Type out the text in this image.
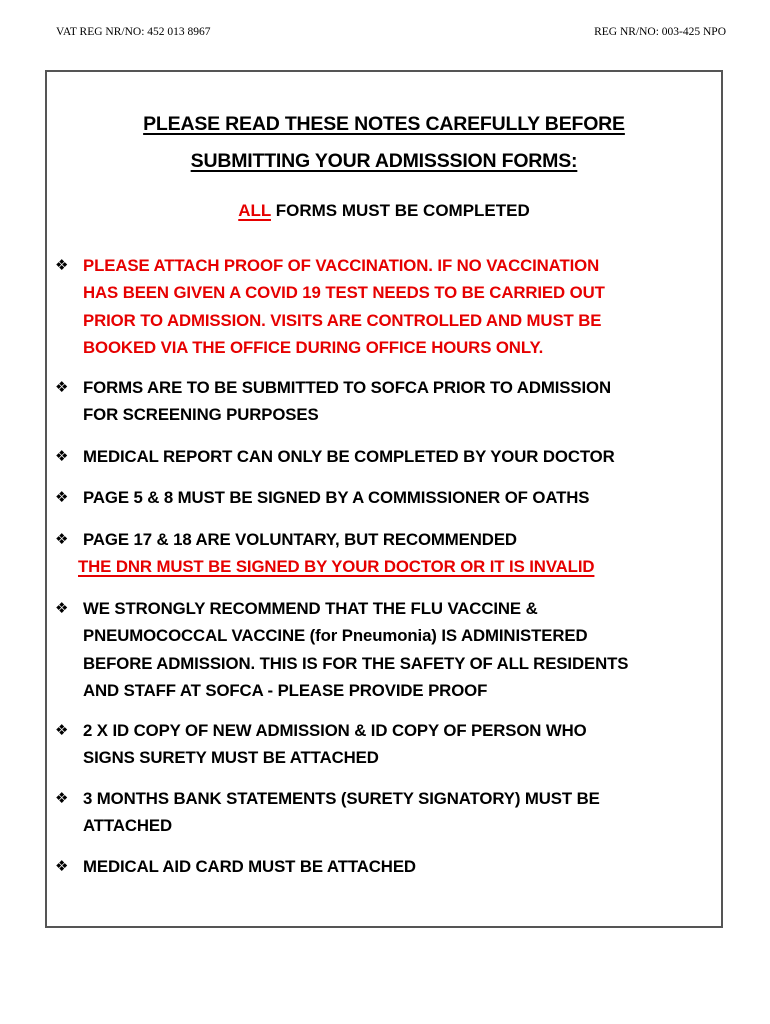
VAT REG NR/NO: 452 013 8967	REG NR/NO: 003-425 NPO
PLEASE READ THESE NOTES CAREFULLY BEFORE
SUBMITTING YOUR ADMISSSION FORMS:
ALL FORMS MUST BE COMPLETED
❖ PLEASE ATTACH PROOF OF VACCINATION. IF NO VACCINATION
HAS BEEN GIVEN A COVID 19 TEST NEEDS TO BE CARRIED OUT
PRIOR TO ADMISSION. VISITS ARE CONTROLLED AND MUST BE
BOOKED VIA THE OFFICE DURING OFFICE HOURS ONLY.
❖ FORMS ARE TO BE SUBMITTED TO SOFCA PRIOR TO ADMISSION
FOR SCREENING PURPOSES
❖ MEDICAL REPORT CAN ONLY BE COMPLETED BY YOUR DOCTOR
❖ PAGE 5 & 8 MUST BE SIGNED BY A COMMISSIONER OF OATHS
❖ PAGE 17 & 18 ARE VOLUNTARY, BUT RECOMMENDED
THE DNR MUST BE SIGNED BY YOUR DOCTOR OR IT IS INVALID
❖ WE STRONGLY RECOMMEND THAT THE FLU VACCINE &
PNEUMOCOCCAL VACCINE (for Pneumonia) IS ADMINISTERED
BEFORE ADMISSION. THIS IS FOR THE SAFETY OF ALL RESIDENTS
AND STAFF AT SOFCA - PLEASE PROVIDE PROOF
❖ 2 X ID COPY OF NEW ADMISSION & ID COPY OF PERSON WHO
SIGNS SURETY MUST BE ATTACHED
❖ 3 MONTHS BANK STATEMENTS (SURETY SIGNATORY) MUST BE
ATTACHED
❖ MEDICAL AID CARD MUST BE ATTACHED
